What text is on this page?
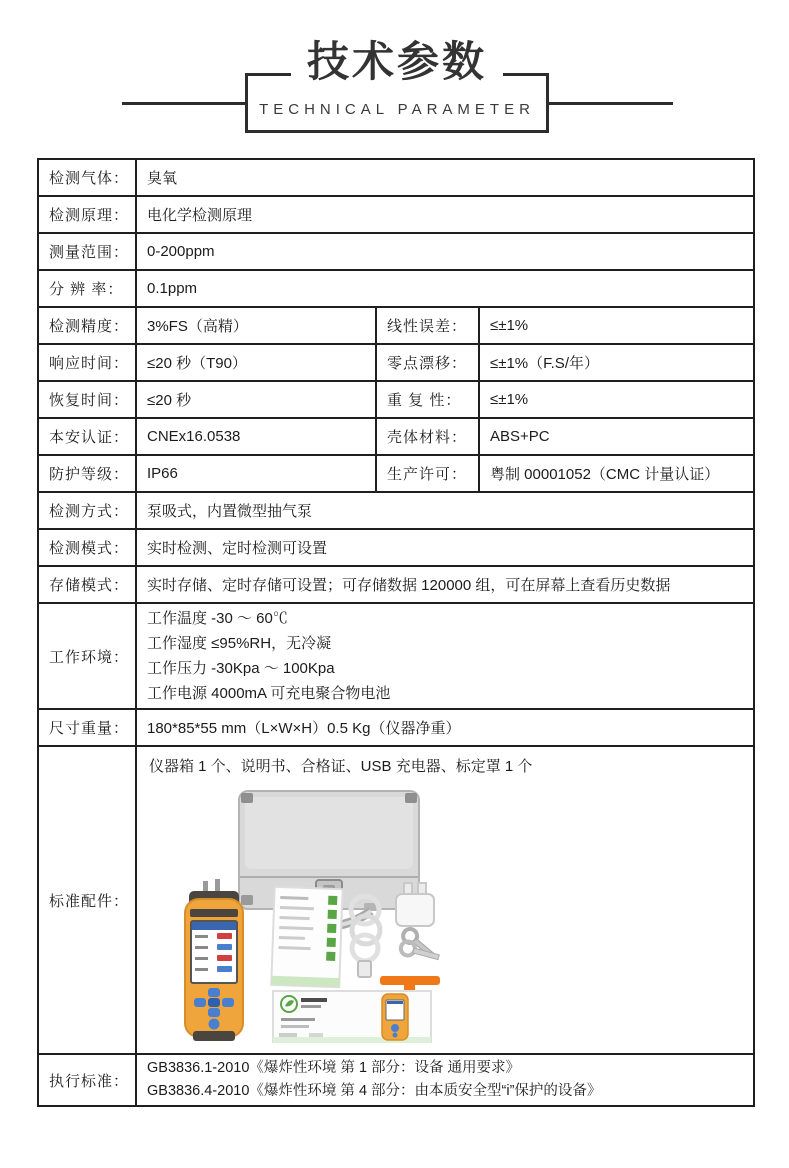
技术参数
TECHNICAL PARAMETER
检测气体：	臭氧		
检测原理：	电化学检测原理		
测量范围：	0-200ppm		
分 辨 率：	0.1ppm		
检测精度：	3%FS（高精）	线性误差：	≤±1%
响应时间：	≤20 秒（T90）	零点漂移：	≤±1%（F.S/年）
恢复时间：	≤20 秒	重 复 性：	≤±1%
本安认证：	CNEx16.0538	壳体材料：	ABS+PC
防护等级：	IP66	生产许可：	粤制 00001052（CMC 计量认证）
检测方式：	泵吸式，内置微型抽气泵		
检测模式：	实时检测、定时检测可设置		
存储模式：	实时存储、定时存储可设置；可存储数据 120000 组，可在屏幕上查看历史数据		
工作环境：	工作温度 -30 ～ 60℃
工作湿度 ≤95%RH，无冷凝
工作压力 -30Kpa ～ 100Kpa
工作电源 4000mA 可充电聚合物电池		

尺寸重量：	180*85*55 mm（L×W×H）0.5 Kg（仪器净重）		
标准配件：	仪器箱 1 个、说明书、合格证、USB 充电器、标定罩 1 个		

执行标准：	GB3836.1-2010《爆炸性环境 第 1 部分：设备 通用要求》
GB3836.4-2010《爆炸性环境 第 4 部分：由本质安全型“i”保护的设备》		
